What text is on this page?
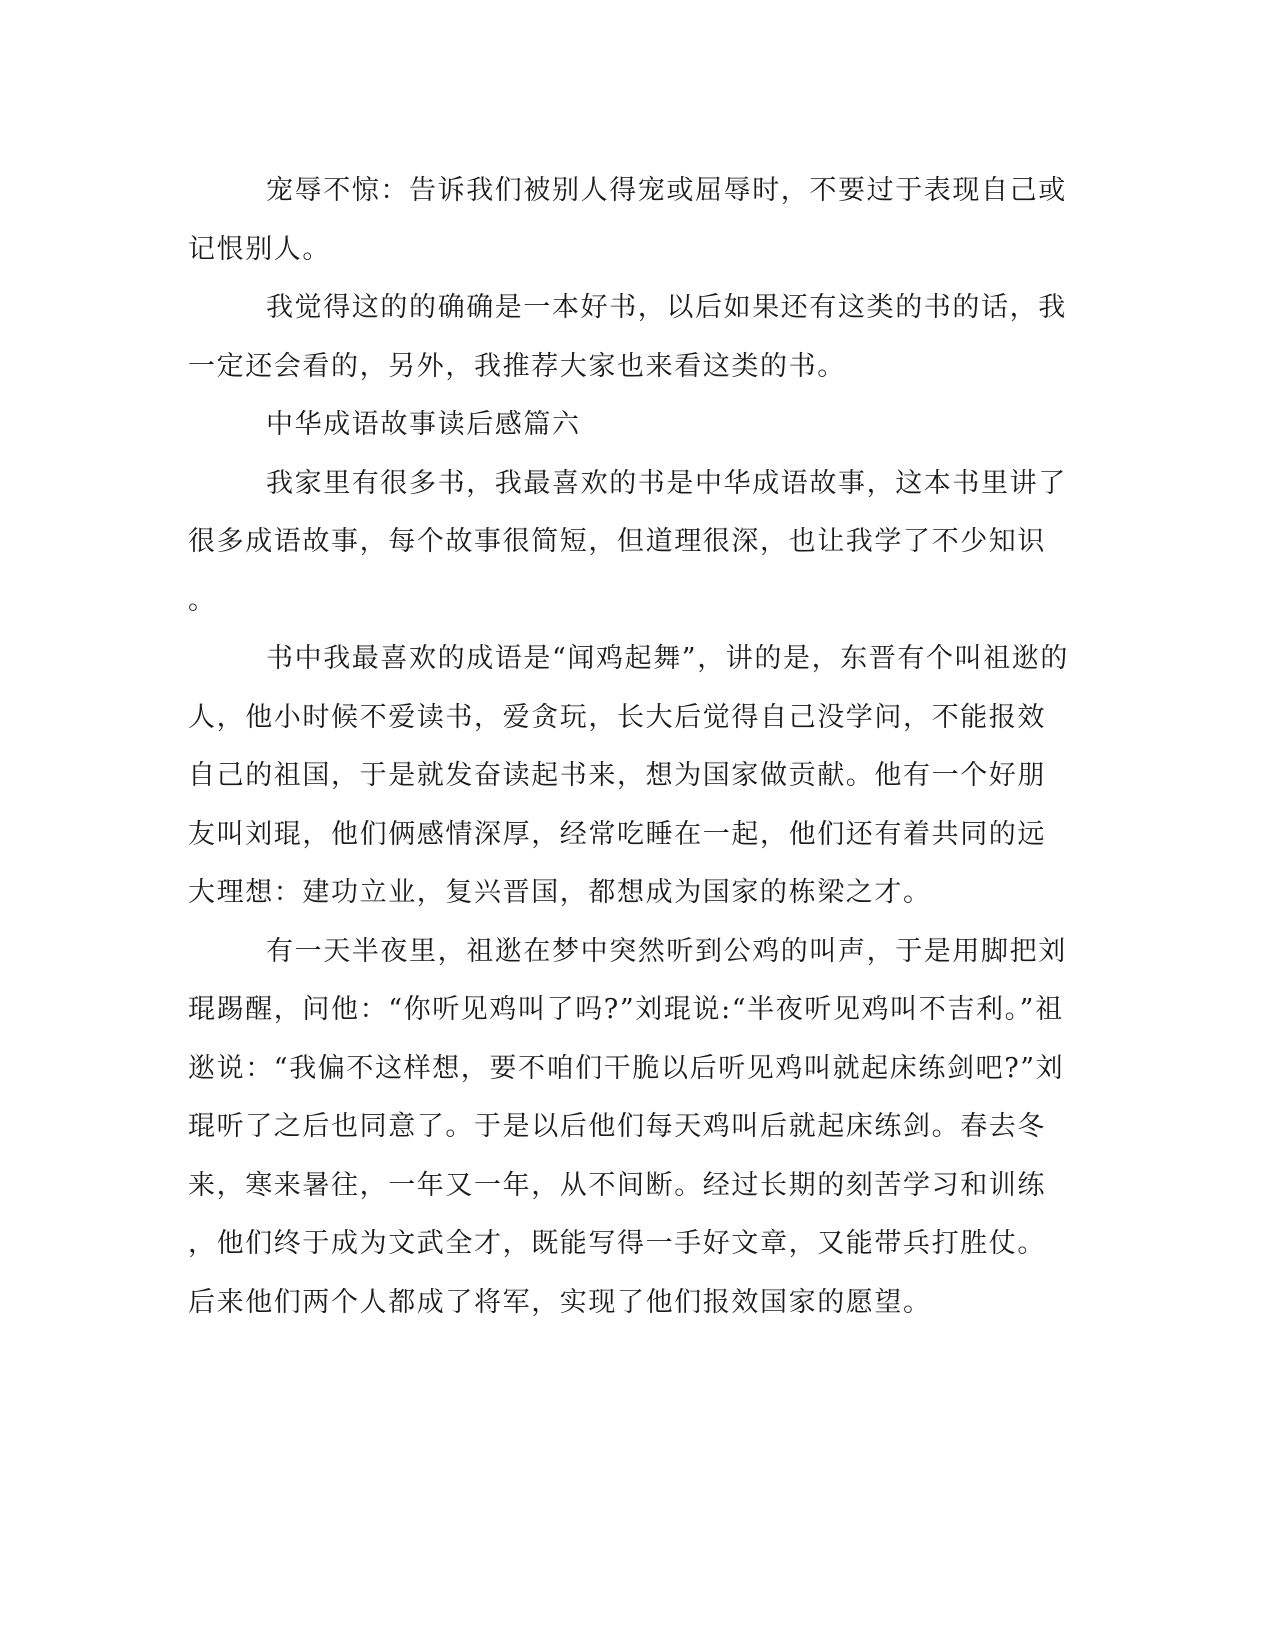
宠辱不惊：告诉我们被别人得宠或屈辱时，不要过于表现自己或
记恨别人。
我觉得这的的确确是一本好书，以后如果还有这类的书的话，我
一定还会看的，另外，我推荐大家也来看这类的书。
中华成语故事读后感篇六
我家里有很多书，我最喜欢的书是中华成语故事，这本书里讲了
很多成语故事，每个故事很简短，但道理很深，也让我学了不少知识
。
书中我最喜欢的成语是“闻鸡起舞”，讲的是，东晋有个叫祖逖的
人，他小时候不爱读书，爱贪玩，长大后觉得自己没学问，不能报效
自己的祖国，于是就发奋读起书来，想为国家做贡献。他有一个好朋
友叫刘琨，他们俩感情深厚，经常吃睡在一起，他们还有着共同的远
大理想：建功立业，复兴晋国，都想成为国家的栋梁之才。
有一天半夜里，祖逖在梦中突然听到公鸡的叫声，于是用脚把刘
琨踢醒，问他：“你听见鸡叫了吗?”刘琨说:“半夜听见鸡叫不吉利。”祖
逖说：“我偏不这样想，要不咱们干脆以后听见鸡叫就起床练剑吧?”刘
琨听了之后也同意了。于是以后他们每天鸡叫后就起床练剑。春去冬
来，寒来暑往，一年又一年，从不间断。经过长期的刻苦学习和训练
，他们终于成为文武全才，既能写得一手好文章，又能带兵打胜仗。
后来他们两个人都成了将军，实现了他们报效国家的愿望。
